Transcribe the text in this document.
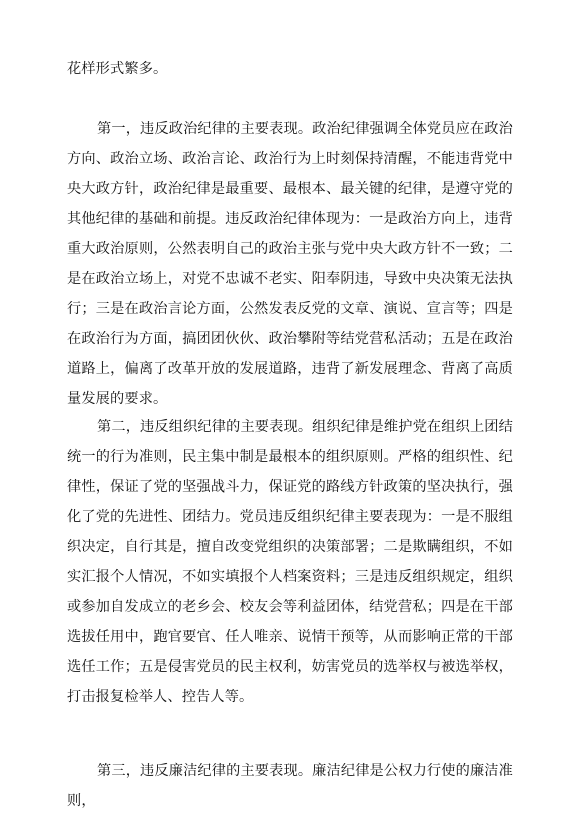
花样形式繁多。

第一，违反政治纪律的主要表现。政治纪律强调全体党员应在政治方向、政治立场、政治言论、政治行为上时刻保持清醒，不能违背党中央大政方针，政治纪律是最重要、最根本、最关键的纪律，是遵守党的其他纪律的基础和前提。违反政治纪律体现为：一是政治方向上，违背重大政治原则，公然表明自己的政治主张与党中央大政方针不一致；二是在政治立场上，对党不忠诚不老实、阳奉阴违，导致中央决策无法执行；三是在政治言论方面，公然发表反党的文章、演说、宣言等；四是在政治行为方面，搞团团伙伙、政治攀附等结党营私活动；五是在政治道路上，偏离了改革开放的发展道路，违背了新发展理念、背离了高质量发展的要求。

第二，违反组织纪律的主要表现。组织纪律是维护党在组织上团结统一的行为准则，民主集中制是最根本的组织原则。严格的组织性、纪律性，保证了党的坚强战斗力，保证党的路线方针政策的坚决执行，强化了党的先进性、团结力。党员违反组织纪律主要表现为：一是不服组织决定，自行其是，擅自改变党组织的决策部署；二是欺瞒组织，不如实汇报个人情况，不如实填报个人档案资料；三是违反组织规定，组织或参加自发成立的老乡会、校友会等利益团体，结党营私；四是在干部选拔任用中，跑官要官、任人唯亲、说情干预等，从而影响正常的干部选任工作；五是侵害党员的民主权利，妨害党员的选举权与被选举权，打击报复检举人、控告人等。

第三，违反廉洁纪律的主要表现。廉洁纪律是公权力行使的廉洁准则，
